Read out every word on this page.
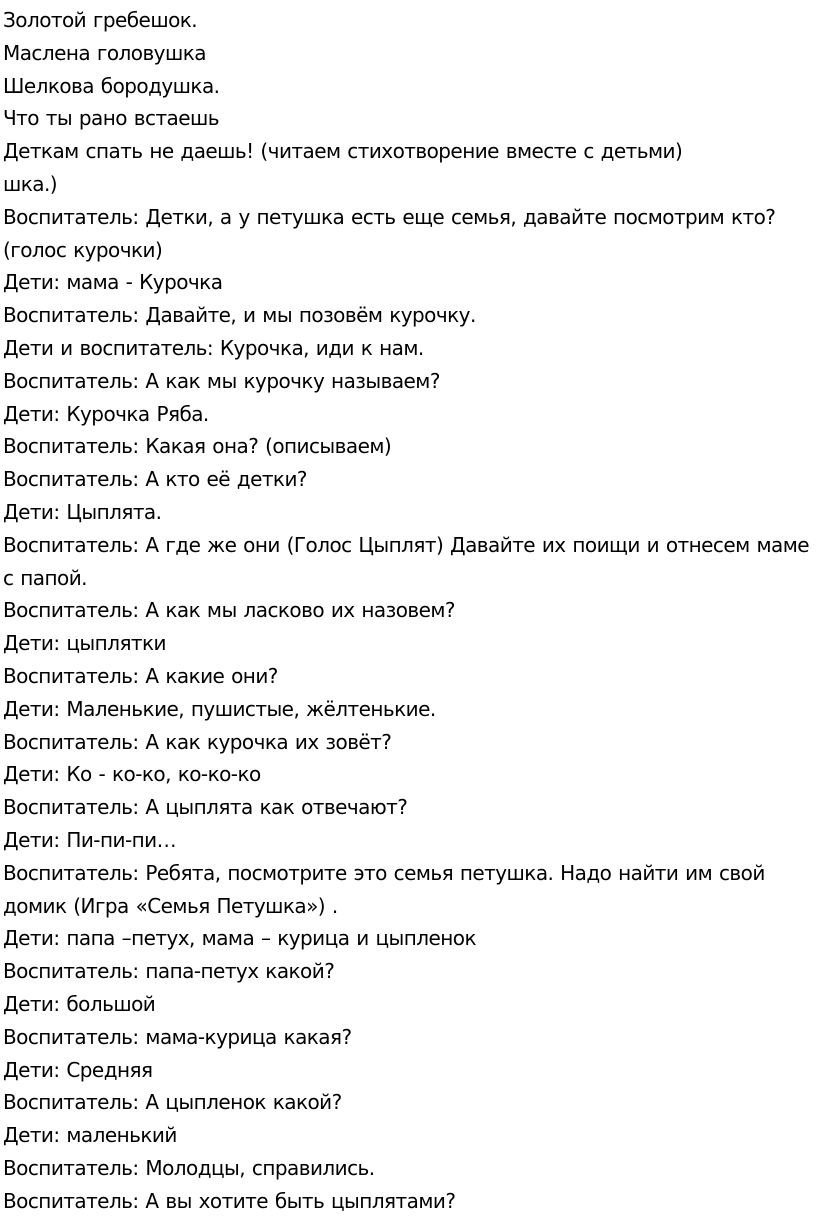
Золотой гребешок.

Маслена головушка

Шелкова бородушка.

Что ты рано встаешь

Деткам спать не даешь! (читаем стихотворение вместе с детьми)

шка.)

Воспитатель: Детки, а у петушка есть еще семья, давайте посмотрим кто? (голос курочки)

Дети: мама - Курочка

Воспитатель: Давайте, и мы позовём курочку.

Дети и воспитатель: Курочка, иди к нам.

Воспитатель: А как мы курочку называем?

Дети: Курочка Ряба.

Воспитатель: Какая она? (описываем)

Воспитатель: А кто её детки?

Дети: Цыплята.

Воспитатель: А где же они (Голос Цыплят) Давайте их поищи и отнесем маме с папой.

Воспитатель: А как мы ласково их назовем?

Дети: цыплятки

Воспитатель: А какие они?

Дети: Маленькие, пушистые, жёлтенькие.

Воспитатель: А как курочка их зовёт?

Дети: Ко - ко-ко, ко-ко-ко

Воспитатель: А цыплята как отвечают?

Дети: Пи-пи-пи…

Воспитатель: Ребята, посмотрите это семья петушка. Надо найти им свой домик (Игра «Семья Петушка») .

Дети: папа –петух, мама – курица и цыпленок

Воспитатель: папа-петух какой?

Дети: большой

Воспитатель: мама-курица какая?

Дети: Средняя

Воспитатель: А цыпленок какой?

Дети: маленький

Воспитатель: Молодцы, справились.

Воспитатель: А вы хотите быть цыплятами?
